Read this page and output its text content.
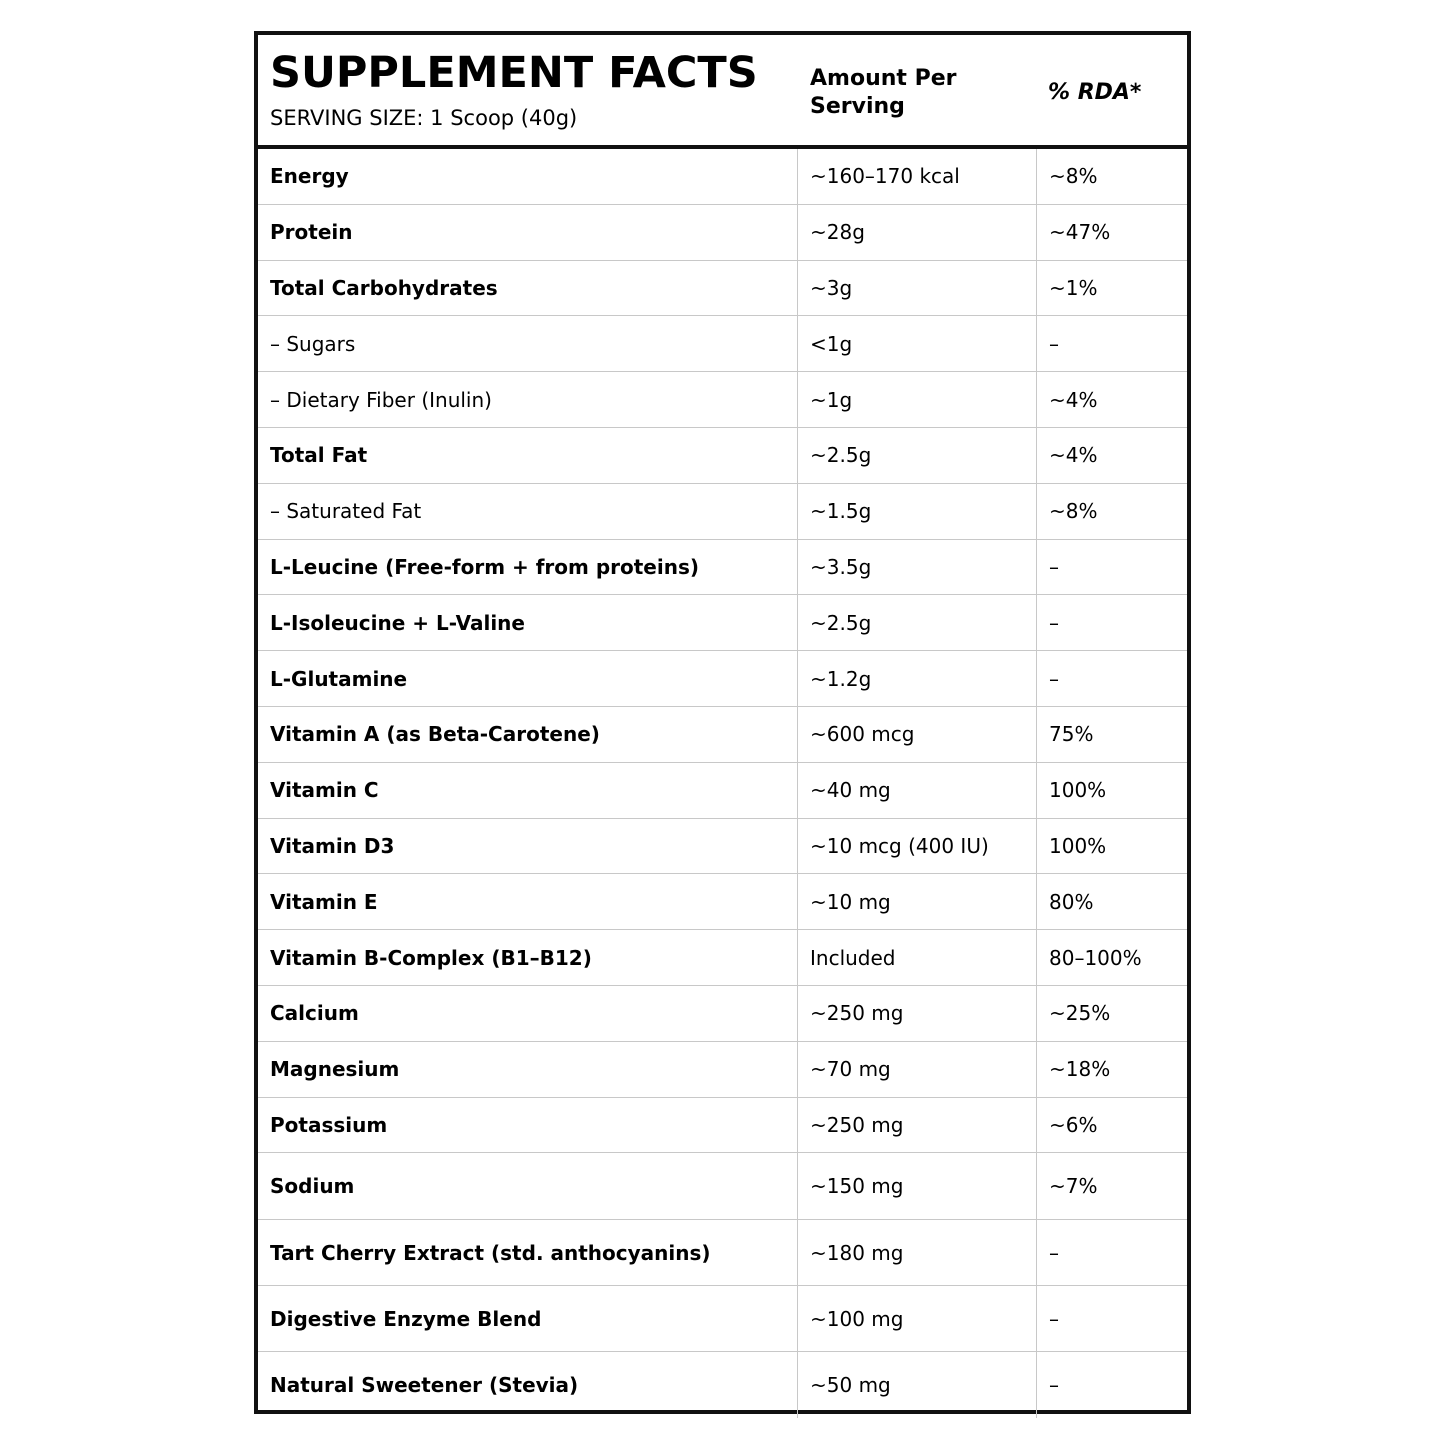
SUPPLEMENT FACTS
SERVING SIZE: 1 Scoop (40g)
Amount Per Serving
% RDA*
Energy	~160–170 kcal	~8%
Protein	~28g	~47%
Total Carbohydrates	~3g	~1%
– Sugars	<1g	–
– Dietary Fiber (Inulin)	~1g	~4%
Total Fat	~2.5g	~4%
– Saturated Fat	~1.5g	~8%
L-Leucine (Free-form + from proteins)	~3.5g	–
L-Isoleucine + L-Valine	~2.5g	–
L-Glutamine	~1.2g	–
Vitamin A (as Beta-Carotene)	~600 mcg	75%
Vitamin C	~40 mg	100%
Vitamin D3	~10 mcg (400 IU)	100%
Vitamin E	~10 mg	80%
Vitamin B-Complex (B1–B12)	Included	80–100%
Calcium	~250 mg	~25%
Magnesium	~70 mg	~18%
Potassium	~250 mg	~6%
Sodium	~150 mg	~7%
Tart Cherry Extract (std. anthocyanins)	~180 mg	–
Digestive Enzyme Blend	~100 mg	–
Natural Sweetener (Stevia)	~50 mg	–
